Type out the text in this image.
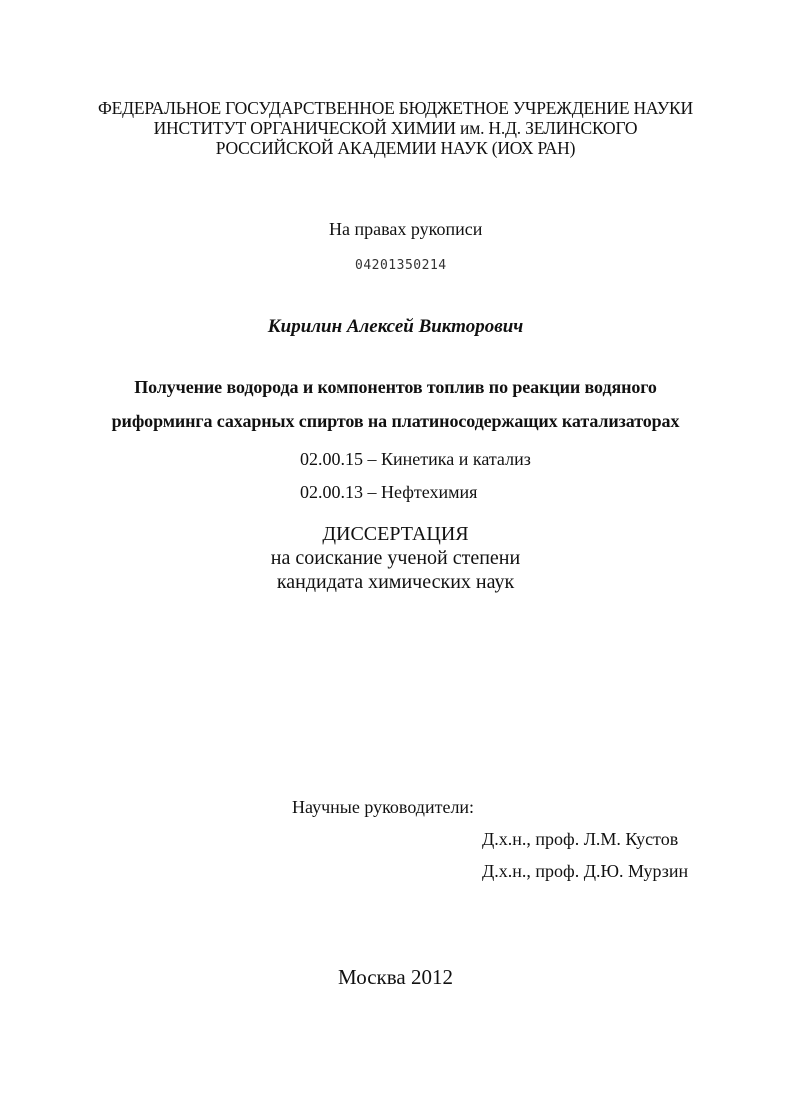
ФЕДЕРАЛЬНОЕ ГОСУДАРСТВЕННОЕ БЮДЖЕТНОЕ УЧРЕЖДЕНИЕ НАУКИ
ИНСТИТУТ ОРГАНИЧЕСКОЙ ХИМИИ им. Н.Д. ЗЕЛИНСКОГО
РОССИЙСКОЙ АКАДЕМИИ НАУК (ИОХ РАН)
На правах рукописи
04201350214
Кирилин Алексей Викторович
Получение водорода и компонентов топлив по реакции водяного
риформинга сахарных спиртов на платиносодержащих катализаторах
02.00.15 – Кинетика и катализ
02.00.13 – Нефтехимия
ДИССЕРТАЦИЯ
на соискание ученой степени
кандидата химических наук
Научные руководители:
Д.х.н., проф. Л.М. Кустов
Д.х.н., проф. Д.Ю. Мурзин
Москва 2012
